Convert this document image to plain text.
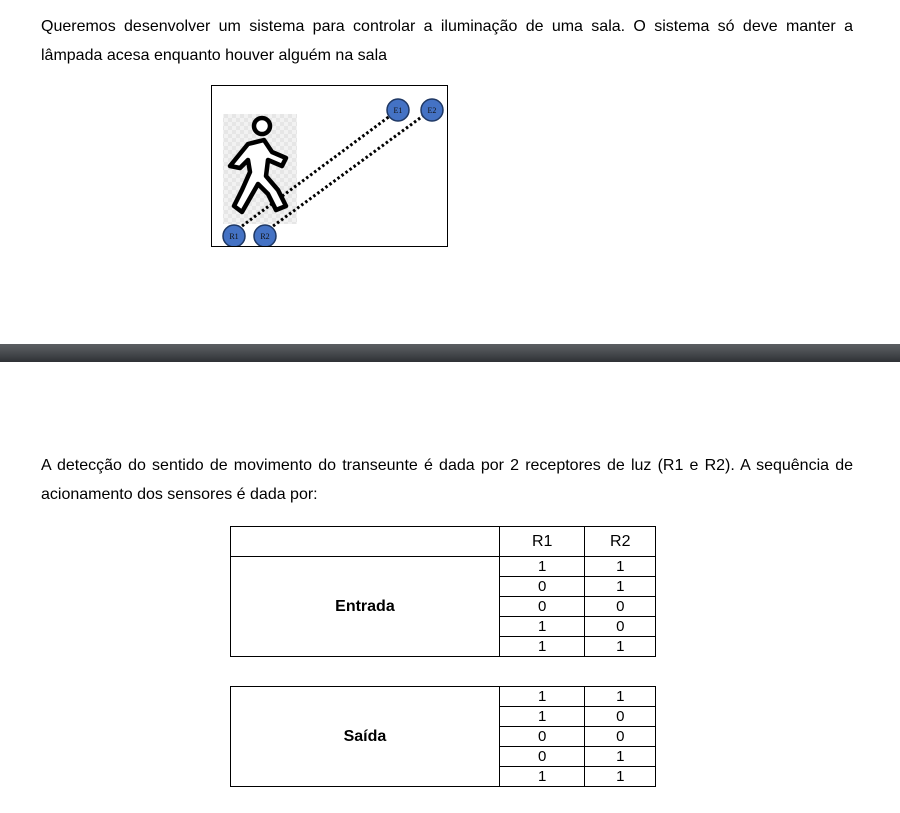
Queremos desenvolver um sistema para controlar a iluminação de uma sala. O sistema só deve manter a lâmpada acesa enquanto houver alguém na sala

E1	E2
R1	R2

A detecção do sentido de movimento do transeunte é dada por 2 receptores de luz (R1 e R2). A sequência de acionamento dos sensores é dada por:

	R1	R2
Entrada	1	1
	0	1
	0	0
	1	0
	1	1
Saída	1	1
	1	0
	0	0
	0	1
	1	1
